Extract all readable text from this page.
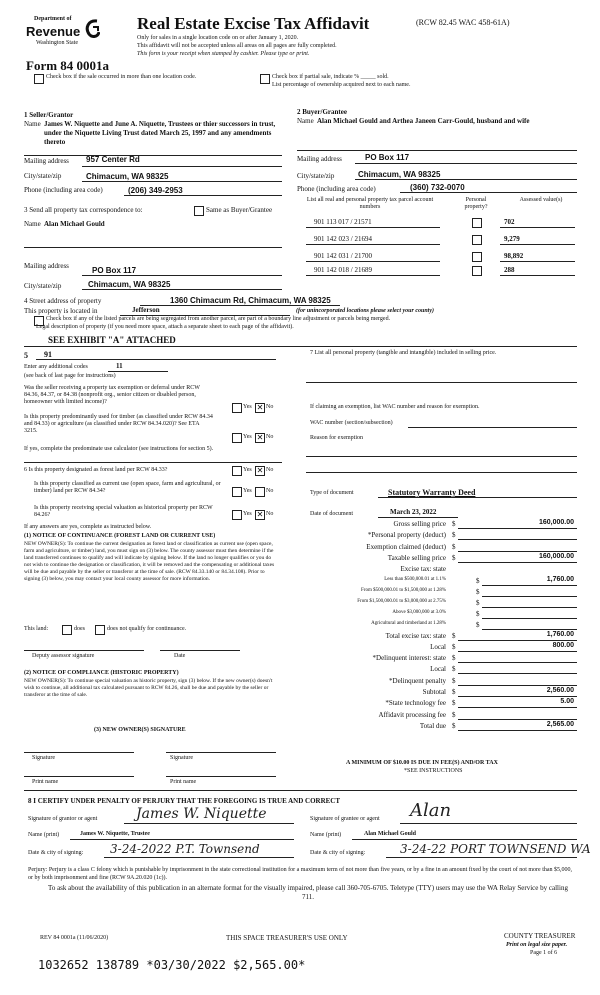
Department of
Revenue
Washington State
Real Estate Excise Tax Affidavit	(RCW 82.45 WAC 458-61A)
Only for sales in a single location code on or after January 1, 2020.
This affidavit will not be accepted unless all areas on all pages are fully completed.
This form is your receipt when stamped by cashier. Please type or print.
Form 84 0001a
Check box if the sale occurred in more than one location code.	Check box if partial sale, indicate % _____ sold.
List percentage of ownership acquired next to each name.
1 Seller/Grantor
Name James W. Niquette and June A. Niquette, Trustees or thier successors in trust, under the Niquette Living Trust dated March 25, 1997 and any amendments thereto
Mailing address 957 Center Rd
City/state/zip	Chimacum, WA 98325
Phone (including area code)	(206) 349-2953
2 Buyer/Grantee
Name Alan Michael Gould and Arthea Janeen Carr-Gould, husband and wife
Mailing address	PO Box 117
City/state/zip	Chimacum, WA 98325
Phone (including area code)	(360) 732-0070
3 Send all property tax correspondence to:	Same as Buyer/Grantee
Name Alan Michael Gould
Mailing address	PO Box 117
City/state/zip	Chimacum, WA 98325
List all real and personal property tax parcel account numbers
Personal property?
Assessed value(s)
901 113 017 / 21571	702
901 142 023 / 21694	9,279
901 142 031 / 21700	98,892
901 142 018 / 21689	288
4 Street address of property	1360 Chimacum Rd, Chimacum, WA 98325
This property is located in	Jefferson	(for unincorporated locations please select your county)
Check box if any of the listed parcels are being segregated from another parcel, are part of a boundary line adjustment or parcels being merged.
Legal description of property (if you need more space, attach a separate sheet to each page of the affidavit).
SEE EXHIBIT "A" ATTACHED
5 91
Enter any additional codes	11
(see back of last page for instructions)
Was the seller receiving a property tax exemption or deferral under RCW 84.36, 84.37, or 84.38 (nonprofit org., senior citizen or disabled person, homeowner with limited income)?
Yes ✕ No
Is this property predominantly used for timber (as classified under RCW 84.34 and 84.33) or agriculture (as classified under RCW 84.34.020)? See ETA 3215.
Yes ✕ No
If yes, complete the predominate use calculator (see instructions for section 5).
6 Is this property designated as forest land per RCW 84.33?	Yes ✕ No
Is this property classified as current use (open space, farm and agricultural, or timber) land per RCW 84.34?	Yes No
Is this property receiving special valuation as historical property per RCW 84.26?	Yes ✕ No
If any answers are yes, complete as instructed below.
(1) NOTICE OF CONTINUANCE (FOREST LAND OR CURRENT USE)
NEW OWNER(S): To continue the current designation as forest land or classification as current use (open space, farm and agriculture, or timber) land, you must sign on (3) below. The county assessor must then determine if the land transferred continues to qualify and will indicate by signing below. If the land no longer qualifies or you do not wish to continue the designation or classification, it will be removed and the compensating or additional taxes will be due and payable by the seller or transferor at the time of sale. (RCW 84.33.140 or 84.34.108). Prior to signing (3) below, you may contact your local county assessor for more information.
This land:	does	does not qualify for continuance.
Deputy assessor signature	Date
(2) NOTICE OF COMPLIANCE (HISTORIC PROPERTY)
NEW OWNER(S): To continue special valuation as historic property, sign (3) below. If the new owner(s) doesn't wish to continue, all additional tax calculated pursuant to RCW 84.26, shall be due and payable by the seller or transferor at the time of sale.
(3) NEW OWNER(S) SIGNATURE
Signature	Signature
Print name	Print name
7 List all personal property (tangible and intangible) included in selling price.
If claiming an exemption, list WAC number and reason for exemption.
WAC number (section/subsection)
Reason for exemption
Type of document	Statutory Warranty Deed
Date of document	March 23, 2022
Gross selling price $	160,000.00
*Personal property (deduct) $
Exemption claimed (deduct) $
Taxable selling price $	160,000.00
Excise tax: state
Less than $500,000.01 at 1.1%	$	1,760.00
From $500,000.01 to $1,500,000 at 1.28%	$
From $1,500,000.01 to $3,000,000 at 2.75%	$
Above $3,000,000 at 3.0%	$
Agricultural and timberland at 1.28%	$
Total excise tax: state $	1,760.00
Local $	800.00
*Delinquent interest: state $
Local $
*Delinquent penalty $
Subtotal $	2,560.00
*State technology fee $	5.00
Affidavit processing fee $
Total due $	2,565.00
A MINIMUM OF $10.00 IS DUE IN FEE(S) AND/OR TAX
*SEE INSTRUCTIONS
8 I CERTIFY UNDER PENALTY OF PERJURY THAT THE FOREGOING IS TRUE AND CORRECT
Signature of grantor or agent	James W. Niquette	Signature of grantee or agent Alan
Name (print)	James W. Niquette, Trustee	Name (print)	Alan Michael Gould
Date & city of signing: 3-24-2022 P.T. Townsend	Date & city of signing:	3-24-22 PORT TOWNSEND WA
Perjury: Perjury is a class C felony which is punishable by imprisonment in the state correctional institution for a maximum term of not more than five years, or by a fine in an amount fixed by the court of not more than $5,000, or by both imprisonment and fine (RCW 9A.20.020 (1c)).
To ask about the availability of this publication in an alternate format for the visually impaired, please call 360-705-6705. Teletype (TTY) users may use the WA Relay Service by calling 711.
REV 84 0001a (11/06/2020)	THIS SPACE TREASURER'S USE ONLY	COUNTY TREASURER
Print on legal size paper.
Page 1 of 6
1032652 138789 *03/30/2022 $2,565.00*
